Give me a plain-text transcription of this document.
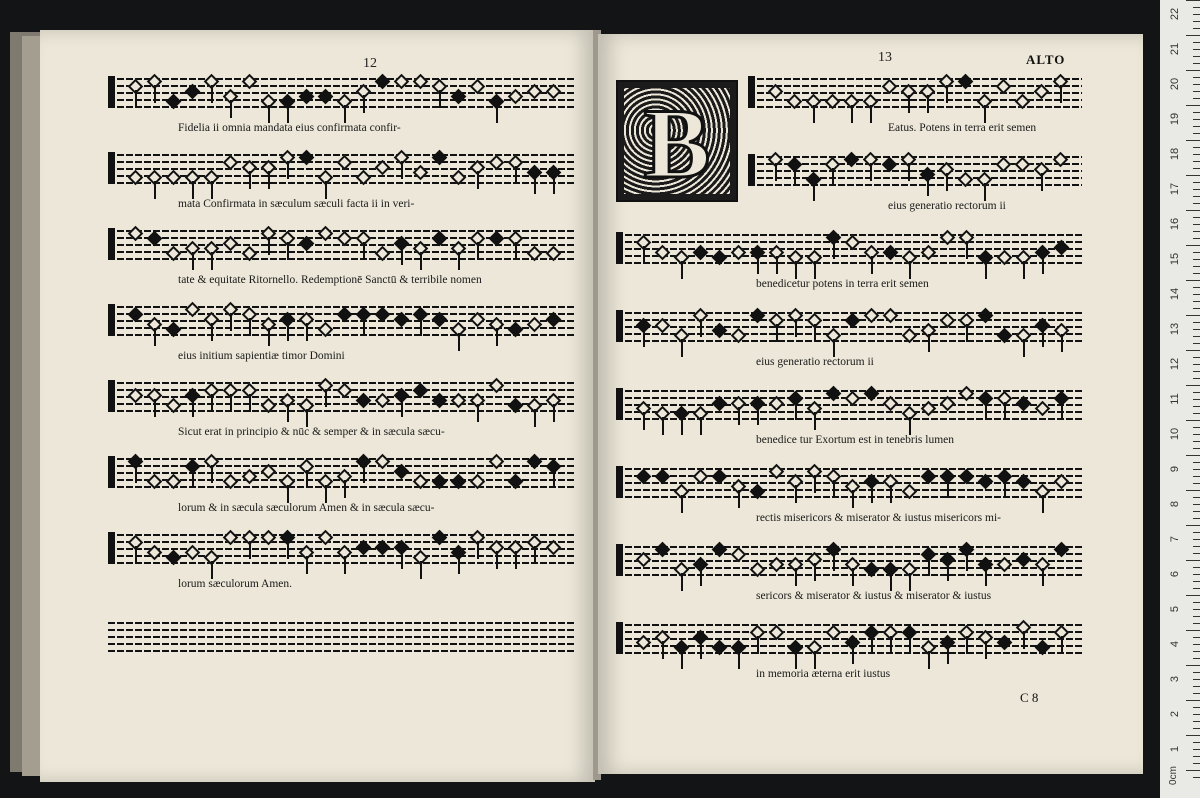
12
Fidelia ii omnia mandata eius confirmata confir-
mata Confirmata in sæculum sæculi facta ii in veri-
tate & equitate Ritornello. Redemptionē Sanctū & terribile nomen
eius initium sapientiæ timor Domini
Sicut erat in principio & nūc & semper & in sæcula sæcu-
lorum & in sæcula sæculorum Amen & in sæcula sæcu-
lorum sæculorum Amen.
13	ALTO
Eatus. Potens in terra erit semen
eius generatio rectorum ii
benedicetur potens in terra erit semen
eius generatio rectorum ii
benedice tur Exortum est in tenebris lumen
rectis misericors & miserator & iustus misericors mi-
sericors & miserator & iustus & miserator & iustus
in memoria æterna erit iustus
C 8
B
0cm
22
21
20
19
18
17
16
15
14
13
12
11
10
9
8
7
6
5
4
3
2
1
